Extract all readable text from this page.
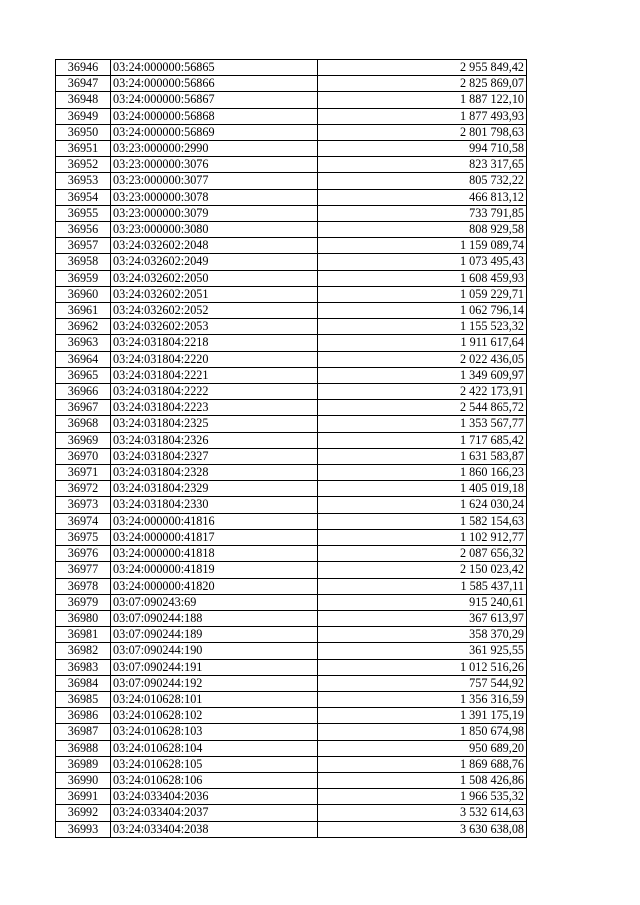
36946	03:24:000000:56865	2 955 849,42
36947	03:24:000000:56866	2 825 869,07
36948	03:24:000000:56867	1 887 122,10
36949	03:24:000000:56868	1 877 493,93
36950	03:24:000000:56869	2 801 798,63
36951	03:23:000000:2990	994 710,58
36952	03:23:000000:3076	823 317,65
36953	03:23:000000:3077	805 732,22
36954	03:23:000000:3078	466 813,12
36955	03:23:000000:3079	733 791,85
36956	03:23:000000:3080	808 929,58
36957	03:24:032602:2048	1 159 089,74
36958	03:24:032602:2049	1 073 495,43
36959	03:24:032602:2050	1 608 459,93
36960	03:24:032602:2051	1 059 229,71
36961	03:24:032602:2052	1 062 796,14
36962	03:24:032602:2053	1 155 523,32
36963	03:24:031804:2218	1 911 617,64
36964	03:24:031804:2220	2 022 436,05
36965	03:24:031804:2221	1 349 609,97
36966	03:24:031804:2222	2 422 173,91
36967	03:24:031804:2223	2 544 865,72
36968	03:24:031804:2325	1 353 567,77
36969	03:24:031804:2326	1 717 685,42
36970	03:24:031804:2327	1 631 583,87
36971	03:24:031804:2328	1 860 166,23
36972	03:24:031804:2329	1 405 019,18
36973	03:24:031804:2330	1 624 030,24
36974	03:24:000000:41816	1 582 154,63
36975	03:24:000000:41817	1 102 912,77
36976	03:24:000000:41818	2 087 656,32
36977	03:24:000000:41819	2 150 023,42
36978	03:24:000000:41820	1 585 437,11
36979	03:07:090243:69	915 240,61
36980	03:07:090244:188	367 613,97
36981	03:07:090244:189	358 370,29
36982	03:07:090244:190	361 925,55
36983	03:07:090244:191	1 012 516,26
36984	03:07:090244:192	757 544,92
36985	03:24:010628:101	1 356 316,59
36986	03:24:010628:102	1 391 175,19
36987	03:24:010628:103	1 850 674,98
36988	03:24:010628:104	950 689,20
36989	03:24:010628:105	1 869 688,76
36990	03:24:010628:106	1 508 426,86
36991	03:24:033404:2036	1 966 535,32
36992	03:24:033404:2037	3 532 614,63
36993	03:24:033404:2038	3 630 638,08
